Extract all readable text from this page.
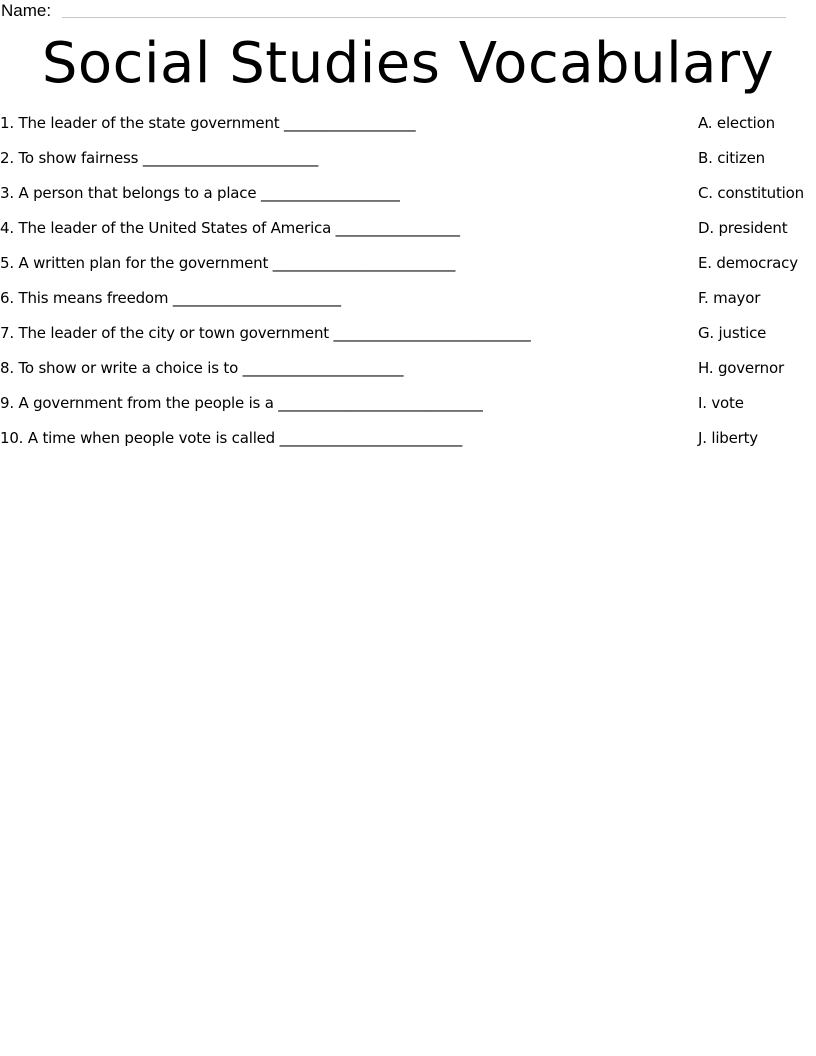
Name:
Social Studies Vocabulary
1. The leader of the state government __________________
2. To show fairness ________________________
3. A person that belongs to a place ___________________
4. The leader of the United States of America _________________
5. A written plan for the government _________________________
6. This means freedom _______________________
7. The leader of the city or town government ___________________________
8. To show or write a choice is to ______________________
9. A government from the people is a ____________________________
10. A time when people vote is called _________________________
A. election
B. citizen
C. constitution
D. president
E. democracy
F. mayor
G. justice
H. governor
I. vote
J. liberty
